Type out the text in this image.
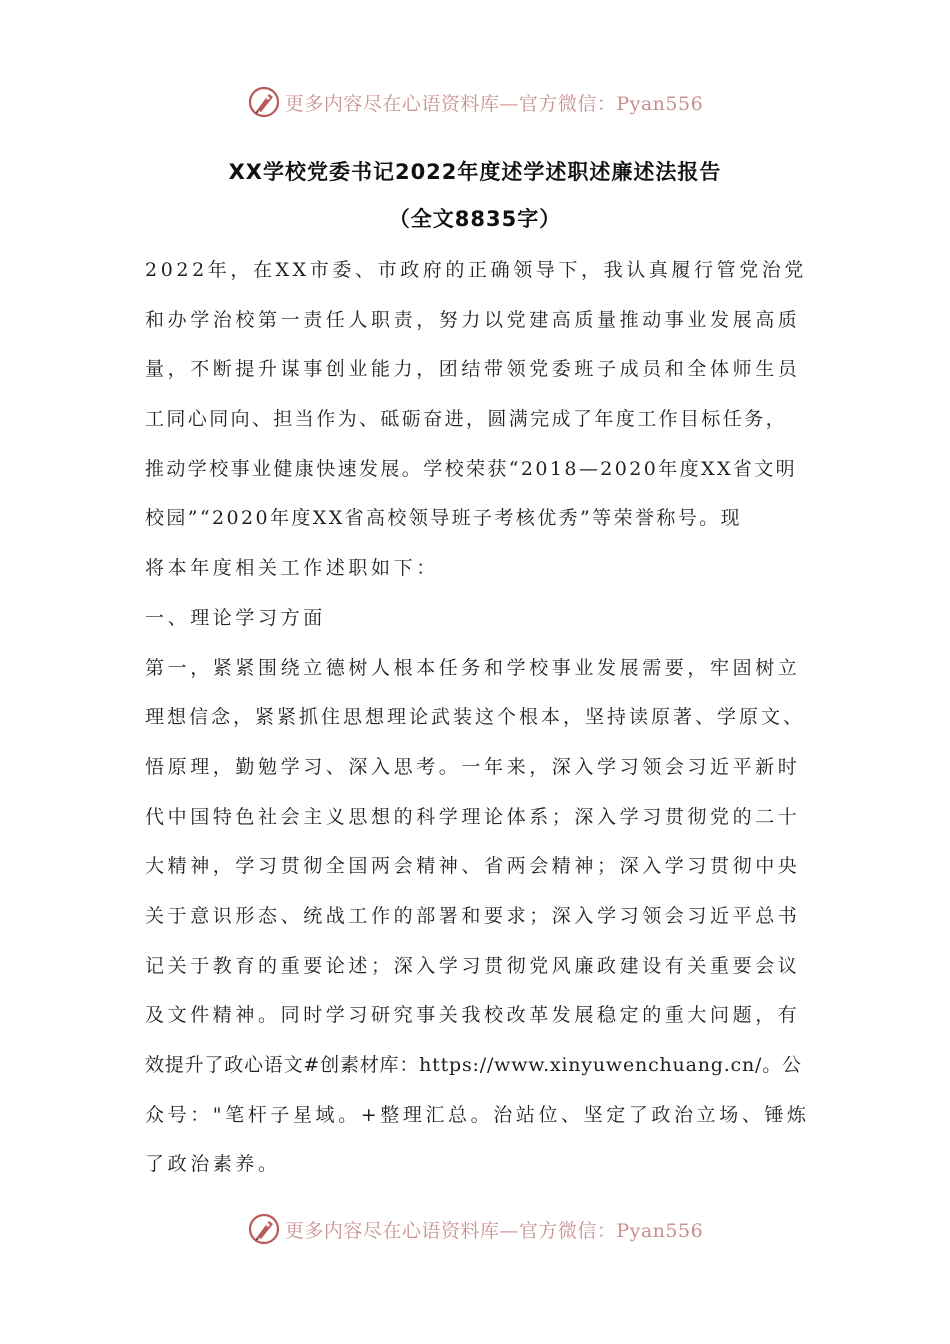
更多内容尽在心语资料库—官方微信：Pyan556
XX学校党委书记2022年度述学述职述廉述法报告
（全文8835字）
2022年，在XX市委、市政府的正确领导下，我认真履行管党治党
和办学治校第一责任人职责，努力以党建高质量推动事业发展高质
量，不断提升谋事创业能力，团结带领党委班子成员和全体师生员
工同心同向、担当作为、砥砺奋进，圆满完成了年度工作目标任务，
推动学校事业健康快速发展。学校荣获“2018—2020年度XX省文明
校园”“2020年度XX省高校领导班子考核优秀”等荣誉称号。现
将本年度相关工作述职如下：
一、理论学习方面
第一，紧紧围绕立德树人根本任务和学校事业发展需要，牢固树立
理想信念，紧紧抓住思想理论武装这个根本，坚持读原著、学原文、
悟原理，勤勉学习、深入思考。一年来，深入学习领会习近平新时
代中国特色社会主义思想的科学理论体系；深入学习贯彻党的二十
大精神，学习贯彻全国两会精神、省两会精神；深入学习贯彻中央
关于意识形态、统战工作的部署和要求；深入学习领会习近平总书
记关于教育的重要论述；深入学习贯彻党风廉政建设有关重要会议
及文件精神。同时学习研究事关我校改革发展稳定的重大问题，有
效提升了政心语文#创素材库：https://www.xinyuwenchuang.cn/。公
众号："笔杆子星域。+整理汇总。治站位、坚定了政治立场、锤炼
了政治素养。
更多内容尽在心语资料库—官方微信：Pyan556
